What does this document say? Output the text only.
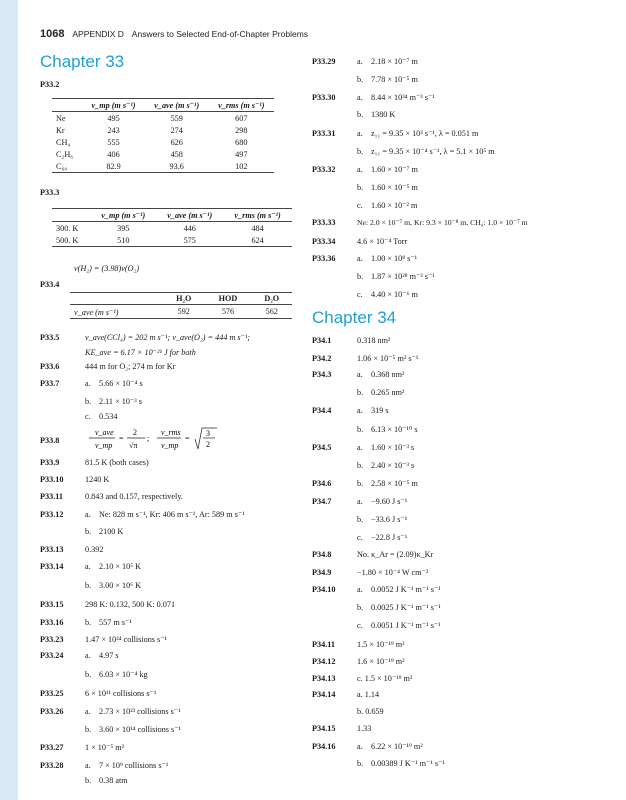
1068 APPENDIX D Answers to Selected End-of-Chapter Problems
Chapter 33
P33.2
	v_mp (m s⁻¹)	v_ave (m s⁻¹)	v_rms (m s⁻¹)
Ne	495	559	607
Kr	243	274	298
CH₄	555	626	680
C₂H₆	406	458	497
C₆₀	82.9	93.6	102
P33.3
	v_mp (m s⁻¹)	v_ave (m s⁻¹)	v_rms (m s⁻¹)
300. K	395	446	484
500. K	510	575	624
ν(H₂) = (3.98)ν(O₂)
P33.4
	H₂O	HOD	D₂O
v_ave (m s⁻¹)	592	576	562
P33.5	v_ave(CCl₄) = 202 m s⁻¹; v_ave(O₂) = 444 m s⁻¹;
KE_ave = 6.17 × 10⁻²¹ J for both
P33.6	444 m for O₂; 274 m for Kr
P33.7	a. 5.66 × 10⁻⁴ s
b. 2.11 × 10⁻³ s
c. 0.534
P33.8
v_ave
v_mp
=
2
√π
;
v_rms
v_mp
=
3
2
P33.9	81.5 K (both cases)
P33.10	1240 K
P33.11	0.843 and 0.157, respectively.
P33.12	a. Ne: 828 m s⁻¹, Kr: 406 m s⁻¹, Ar: 589 m s⁻¹
b. 2100 K
P33.13	0.392
P33.14	a. 2.10 × 10⁵ K
b. 3.00 × 10⁶ K
P33.15	298 K: 0.132, 500 K: 0.071
P33.16	b. 557 m s⁻¹
P33.23	1.47 × 10²⁴ collisions s⁻¹
P33.24	a. 4.97 s
b. 6.03 × 10⁻⁴ kg
P33.25	6 × 10¹¹ collisions s⁻¹
P33.26	a. 2.73 × 10²³ collisions s⁻¹
b. 3.60 × 10¹⁴ collisions s⁻¹
P33.27	1 × 10⁻⁵ m²
P33.28	a. 7 × 10⁹ collisions s⁻¹
b. 0.38 atm
P33.29	a. 2.18 × 10⁻⁷ m
b. 7.78 × 10⁻⁵ m
P33.30	a. 8.44 × 10³⁴ m⁻³ s⁻¹
b. 1380 K
P33.31	a. z₁₁ = 9.35 × 10³ s⁻¹, λ = 0.051 m
b. z₁₁ = 9.35 × 10⁻⁴ s⁻¹, λ = 5.1 × 10⁵ m
P33.32	a. 1.60 × 10⁻⁷ m
b. 1.60 × 10⁻⁵ m
c. 1.60 × 10⁻² m
P33.33	Ne: 2.0 × 10⁻⁷ m, Kr: 9.3 × 10⁻⁸ m, CH₄: 1.0 × 10⁻⁷ m
P33.34	4.6 × 10⁻⁴ Torr
P33.36	a. 1.00 × 10⁸ s⁻¹
b. 1.87 × 10²⁸ m⁻³ s⁻¹
c. 4.40 × 10⁻⁶ m
Chapter 34
P34.1	0.318 nm²
P34.2	1.06 × 10⁻⁵ m² s⁻¹
P34.3	a. 0.368 nm²
b. 0.265 nm²
P34.4	a. 319 s
b. 6.13 × 10⁻¹⁰ s
P34.5	a. 1.60 × 10⁻³ s
b. 2.40 × 10⁻³ s
P34.6	b. 2.58 × 10⁻⁵ m
P34.7	a. −9.60 J s⁻¹
b. −33.6 J s⁻¹
c. −22.8 J s⁻¹
P34.8	No. κ_Ar = (2.09)κ_Kr
P34.9	−1.80 × 10⁻⁴ W cm⁻²
P34.10	a. 0.0052 J K⁻¹ m⁻¹ s⁻¹
b. 0.0025 J K⁻¹ m⁻¹ s⁻¹
c. 0.0051 J K⁻¹ m⁻¹ s⁻¹
P34.11	1.5 × 10⁻¹⁹ m²
P34.12	1.6 × 10⁻¹⁹ m²
P34.13	c. 1.5 × 10⁻¹⁹ m²
P34.14	a. 1.14
b. 0.659
P34.15	1.33
P34.16	a. 6.22 × 10⁻¹⁹ m²
b. 0.00389 J K⁻¹ m⁻¹ s⁻¹
